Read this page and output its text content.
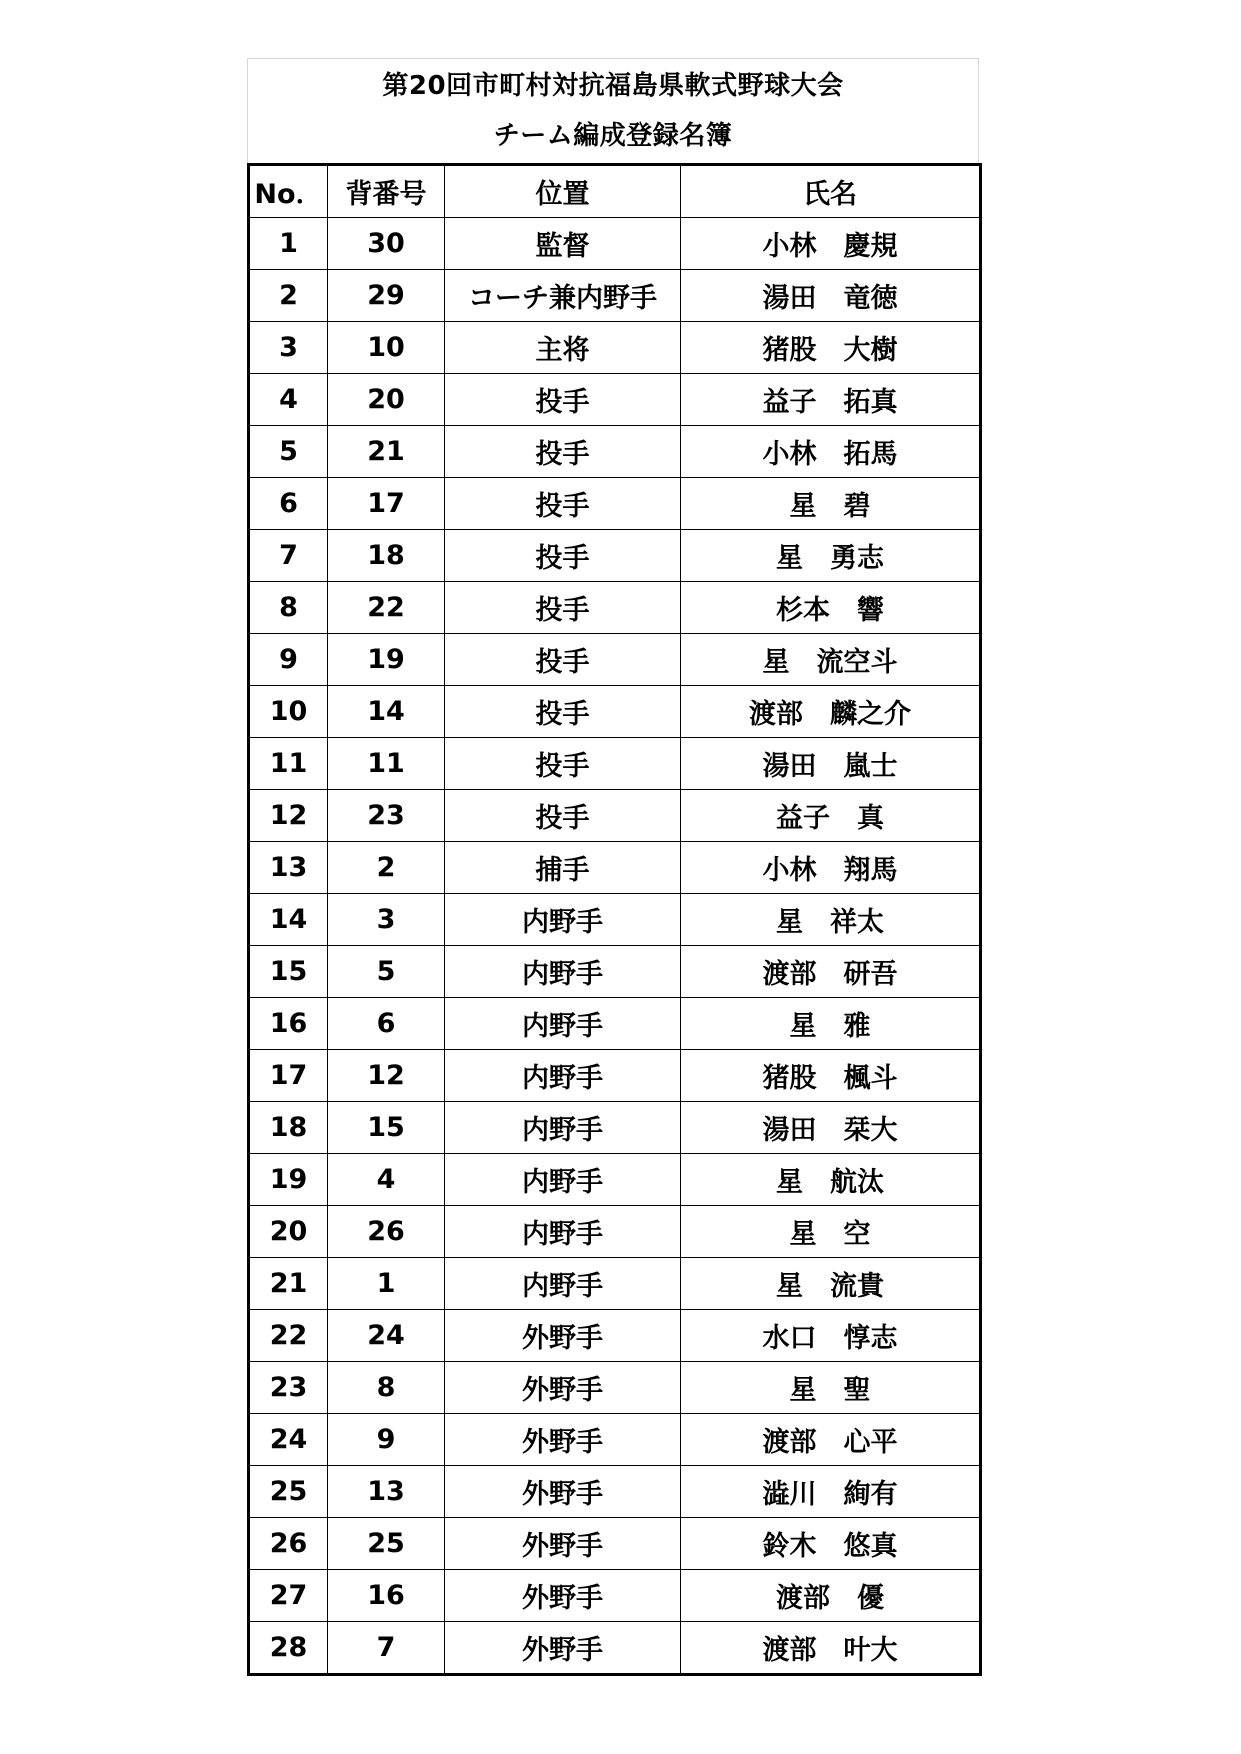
第20回市町村対抗福島県軟式野球大会
チーム編成登録名簿
No．	背番号	位置	氏名
1	30	監督	小林　慶規
2	29	コーチ兼内野手	湯田　竜徳
3	10	主将	猪股　大樹
4	20	投手	益子　拓真
5	21	投手	小林　拓馬
6	17	投手	星　碧
7	18	投手	星　勇志
8	22	投手	杉本　響
9	19	投手	星　流空斗
10	14	投手	渡部　麟之介
11	11	投手	湯田　嵐士
12	23	投手	益子　真
13	2	捕手	小林　翔馬
14	3	内野手	星　祥太
15	5	内野手	渡部　研吾
16	6	内野手	星　雅
17	12	内野手	猪股　楓斗
18	15	内野手	湯田　栞大
19	4	内野手	星　航汰
20	26	内野手	星　空
21	1	内野手	星　流貴
22	24	外野手	水口　惇志
23	8	外野手	星　聖
24	9	外野手	渡部　心平
25	13	外野手	澁川　絢有
26	25	外野手	鈴木　悠真
27	16	外野手	渡部　優
28	7	外野手	渡部　叶大
